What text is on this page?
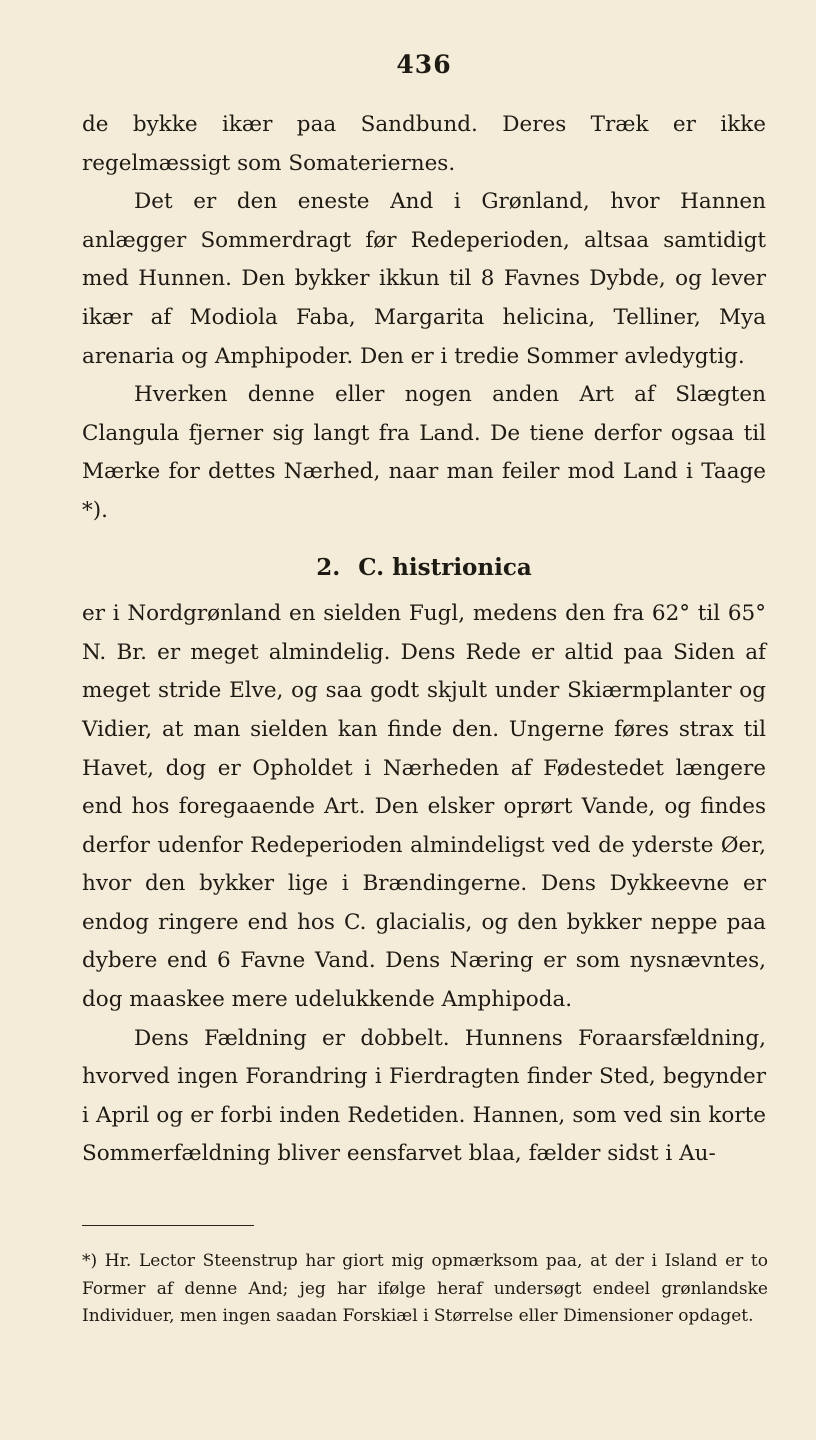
436

de bykke ikær paa Sandbund. Deres Træk er ikke regelmæssigt som Somateriernes.

Det er den eneste And i Grønland, hvor Hannen anlægger Sommerdragt før Redeperioden, altsaa samtidigt med Hunnen. Den bykker ikkun til 8 Favnes Dybde, og lever ikær af Modiola Faba, Margarita helicina, Telliner, Mya arenaria og Amphipoder. Den er i tredie Sommer avledygtig.

Hverken denne eller nogen anden Art af Slægten Clangula fjerner sig langt fra Land. De tiene derfor ogsaa til Mærke for dettes Nærhed, naar man feiler mod Land i Taage *).

2. C. histrionica

er i Nordgrønland en sielden Fugl, medens den fra 62° til 65° N. Br. er meget almindelig. Dens Rede er altid paa Siden af meget stride Elve, og saa godt skjult under Skiærmplanter og Vidier, at man sielden kan finde den. Ungerne føres strax til Havet, dog er Opholdet i Nærheden af Fødestedet længere end hos foregaaende Art. Den elsker oprørt Vande, og findes derfor udenfor Redeperioden almindeligst ved de yderste Øer, hvor den bykker lige i Brændingerne. Dens Dykkeevne er endog ringere end hos C. glacialis, og den bykker neppe paa dybere end 6 Favne Vand. Dens Næring er som nysnævntes, dog maaskee mere udelukkende Amphipoda.

Dens Fældning er dobbelt. Hunnens Foraarsfældning, hvorved ingen Forandring i Fierdragten finder Sted, begynder i April og er forbi inden Redetiden. Hannen, som ved sin korte Sommerfældning bliver eensfarvet blaa, fælder sidst i Au-

*) Hr. Lector Steenstrup har giort mig opmærksom paa, at der i Island er to Former af denne And; jeg har ifølge heraf undersøgt endeel grønlandske Individuer, men ingen saadan Forskiæl i Størrelse eller Dimensioner opdaget.
